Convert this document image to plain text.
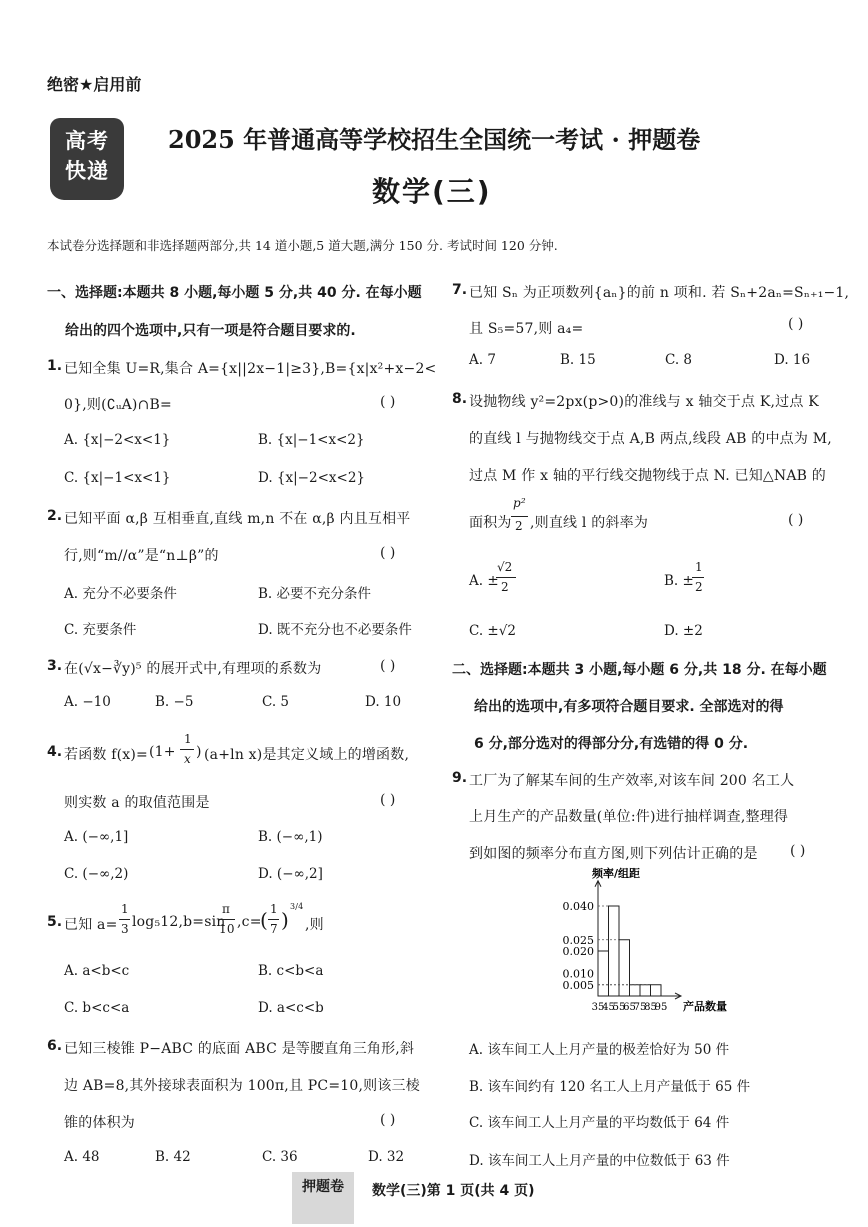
绝密★启用前
高考
快递
2025 年普通高等学校招生全国统一考试 · 押题卷
数学(三)
本试卷分选择题和非选择题两部分,共 14 道小题,5 道大题,满分 150 分. 考试时间 120 分钟.
一、选择题:本题共 8 小题,每小题 5 分,共 40 分. 在每小题
给出的四个选项中,只有一项是符合题目要求的.
1. 已知全集 U=R,集合 A={x||2x−1|≥3},B={x|x²+x−2<
0},则(∁ᵤA)∩B=	( )
A. {x|−2<x<1}	B. {x|−1<x<2}
C. {x|−1<x<1}	D. {x|−2<x<2}
2. 已知平面 α,β 互相垂直,直线 m,n 不在 α,β 内且互相平
行,则“m//α”是“n⊥β”的	( )
A. 充分不必要条件	B. 必要不充分条件
C. 充要条件	D. 既不充分也不必要条件
3. 在(√x−∛y)⁵ 的展开式中,有理项的系数为	( )
A. −10	B. −5	C. 5	D. 10
4. 若函数 f(x)= (1+
1
x ) (a+ln x)是其定义域上的增函数,
则实数 a 的取值范围是	( )
A. (−∞,1]	B. (−∞,1)
C. (−∞,2)	D. (−∞,2]
5. 已知 a=
1
3 log₅12,b=sin
π
10 ,c=
( 1
7 )
3/4
,则
A. a<b<c	B. c<b<a
C. b<c<a	D. a<c<b
6. 已知三棱锥 P−ABC 的底面 ABC 是等腰直角三角形,斜
边 AB=8,其外接球表面积为 100π,且 PC=10,则该三棱
锥的体积为	( )
A. 48	B. 42	C. 36	D. 32
7. 已知 Sₙ 为正项数列{aₙ}的前 n 项和. 若 Sₙ+2aₙ=Sₙ₊₁−1,
且 S₅=57,则 a₄=	( )
A. 7	B. 15	C. 8	D. 16
8. 设抛物线 y²=2px(p>0)的准线与 x 轴交于点 K,过点 K
的直线 l 与抛物线交于点 A,B 两点,线段 AB 的中点为 M,
过点 M 作 x 轴的平行线交抛物线于点 N. 已知△NAB 的
面积为
p²
2 ,则直线 l 的斜率为	( )
A. ±
√2
2	B. ±
1
2
C. ±√2	D. ±2
二、选择题:本题共 3 小题,每小题 6 分,共 18 分. 在每小题
给出的选项中,有多项符合题目要求. 全部选对的得
6 分,部分选对的得部分分,有选错的得 0 分.
9. 工厂为了解某车间的生产效率,对该车间 200 名工人
上月生产的产品数量(单位:件)进行抽样调查,整理得
到如图的频率分布直方图,则下列估计正确的是 ( )
频率/组距
产品数量
0.040
0.025
0.020
0.010
0.005
35
45
55
65
75
85
95
A. 该车间工人上月产量的极差恰好为 50 件
B. 该车间约有 120 名工人上月产量低于 65 件
C. 该车间工人上月产量的平均数低于 64 件
D. 该车间工人上月产量的中位数低于 63 件
押题卷	数学(三)第 1 页(共 4 页)
